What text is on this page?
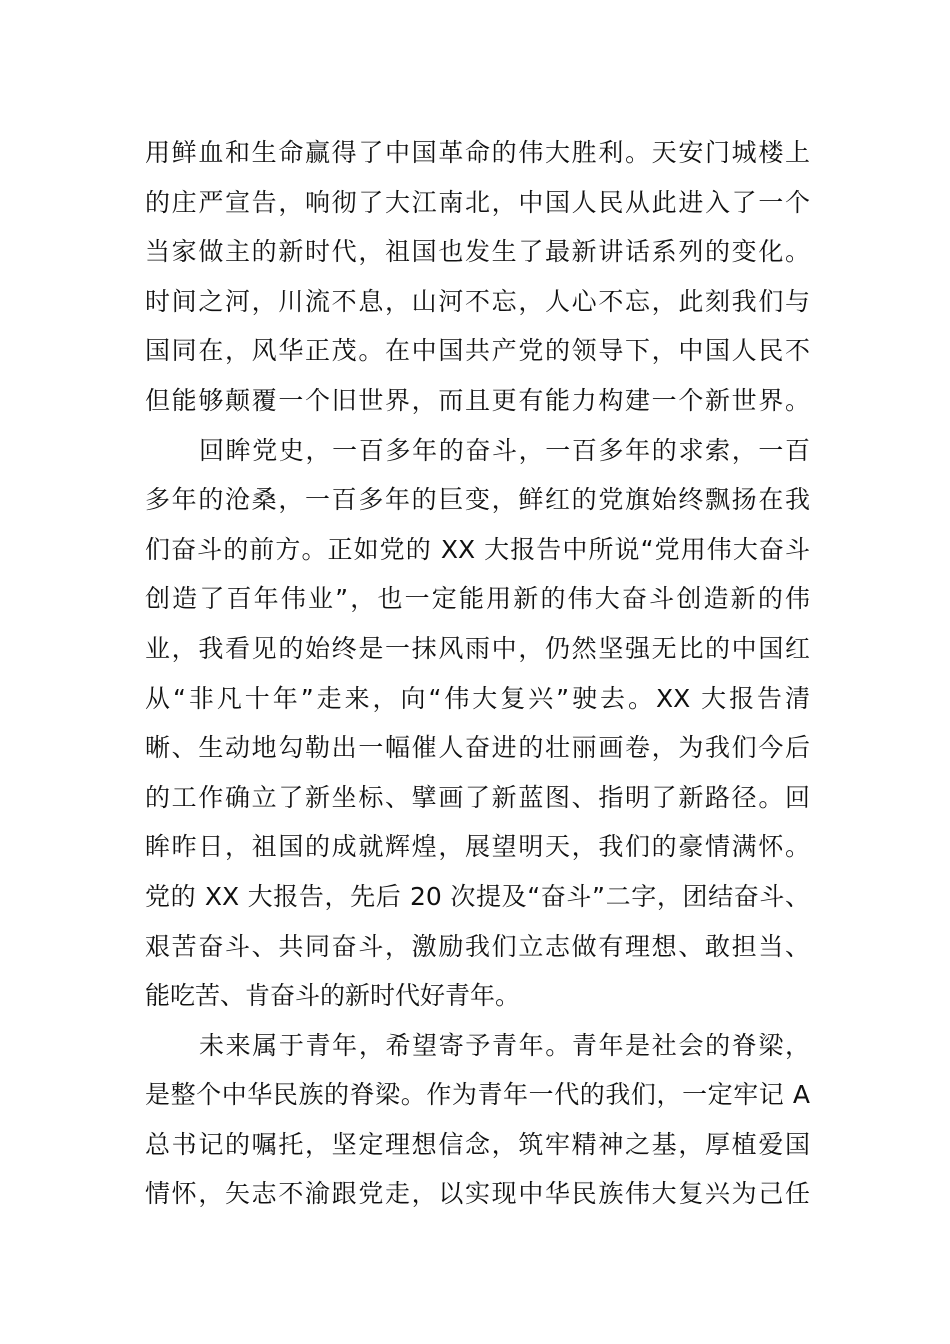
用鲜血和生命赢得了中国革命的伟大胜利。天安门城楼上
的庄严宣告，响彻了大江南北，中国人民从此进入了一个
当家做主的新时代，祖国也发生了最新讲话系列的变化。
时间之河，川流不息，山河不忘，人心不忘，此刻我们与
国同在，风华正茂。在中国共产党的领导下，中国人民不
但能够颠覆一个旧世界，而且更有能力构建一个新世界。
回眸党史，一百多年的奋斗，一百多年的求索，一百
多年的沧桑，一百多年的巨变，鲜红的党旗始终飘扬在我
们奋斗的前方。正如党的 XX 大报告中所说“党用伟大奋斗
创造了百年伟业”，也一定能用新的伟大奋斗创造新的伟
业，我看见的始终是一抹风雨中，仍然坚强无比的中国红
从“非凡十年”走来，向“伟大复兴”驶去。XX 大报告清
晰、生动地勾勒出一幅催人奋进的壮丽画卷，为我们今后
的工作确立了新坐标、擘画了新蓝图、指明了新路径。回
眸昨日，祖国的成就辉煌，展望明天，我们的豪情满怀。
党的 XX 大报告，先后 20 次提及“奋斗”二字，团结奋斗、
艰苦奋斗、共同奋斗，激励我们立志做有理想、敢担当、
能吃苦、肯奋斗的新时代好青年。
未来属于青年，希望寄予青年。青年是社会的脊梁，
是整个中华民族的脊梁。作为青年一代的我们，一定牢记 A
总书记的嘱托，坚定理想信念，筑牢精神之基，厚植爱国
情怀，矢志不渝跟党走，以实现中华民族伟大复兴为己任
